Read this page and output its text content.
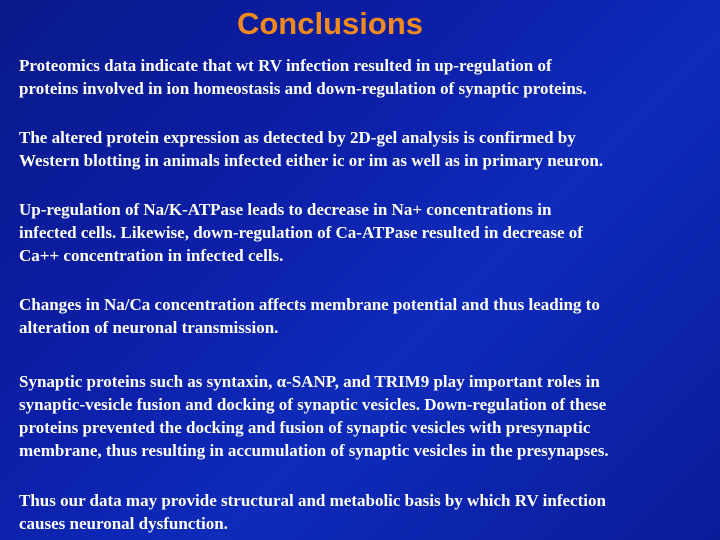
Conclusions

Proteomics data indicate that wt RV infection resulted in up-regulation of
proteins involved in ion homeostasis and down-regulation of synaptic proteins.

The altered protein expression as detected by 2D-gel analysis is confirmed by
Western blotting in animals infected either ic or im as well as in primary neuron.

Up-regulation of Na/K-ATPase leads to decrease in Na+ concentrations in
infected cells. Likewise, down-regulation of Ca-ATPase resulted in decrease of
Ca++ concentration in infected cells.

Changes in Na/Ca concentration affects membrane potential and thus leading to
alteration of neuronal transmission.

Synaptic proteins such as syntaxin, α-SANP, and TRIM9 play important roles in
synaptic-vesicle fusion and docking of synaptic vesicles. Down-regulation of these
proteins prevented the docking and fusion of synaptic vesicles with presynaptic
membrane, thus resulting in accumulation of synaptic vesicles in the presynapses.

Thus our data may provide structural and metabolic basis by which RV infection
causes neuronal dysfunction.
